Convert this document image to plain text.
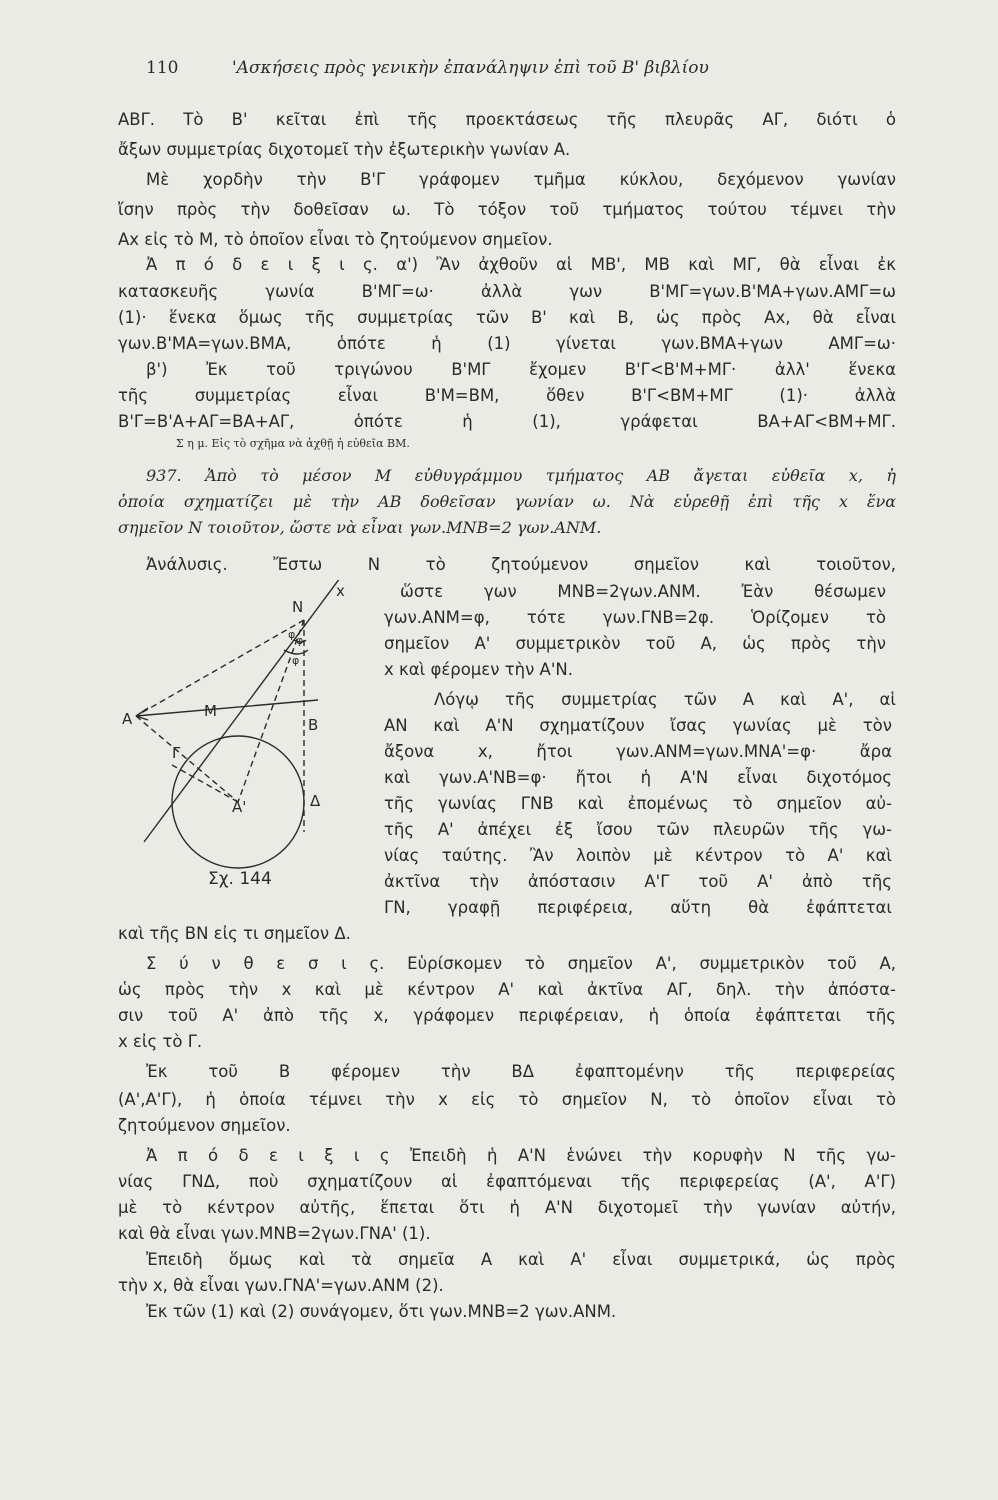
110	'Ασκήσεις πρὸς γενικὴν ἐπανάληψιν ἐπὶ τοῦ Β' βιβλίου
ΑΒΓ. Τὸ Β' κεῖται ἐπὶ τῆς προεκτάσεως τῆς πλευρᾶς ΑΓ, διότι ὁ
ἄξων συμμετρίας διχοτομεῖ τὴν ἐξωτερικὴν γωνίαν Α.
Μὲ χορδὴν τὴν Β'Γ γράφομεν τμῆμα κύκλου, δεχόμενον γωνίαν
ἴσην πρὸς τὴν δοθεῖσαν ω. Τὸ τόξον τοῦ τμήματος τούτου τέμνει τὴν
Αx εἰς τὸ Μ, τὸ ὁποῖον εἶναι τὸ ζητούμενον σημεῖον.
Ἀ π ό δ ε ι ξ ι ς. α') Ἂν ἀχθοῦν αἱ ΜΒ', ΜΒ καὶ ΜΓ, θὰ εἶναι ἐκ
κατασκευῆς γωνία Β'ΜΓ=ω· ἀλλὰ γων Β'ΜΓ=γων.Β'ΜΑ+γων.ΑΜΓ=ω
(1)· ἕνεκα ὅμως τῆς συμμετρίας τῶν Β' καὶ Β, ὡς πρὸς Αx, θὰ εἶναι
γων.Β'ΜΑ=γων.ΒΜΑ, ὁπότε ἡ (1) γίνεται γων.ΒΜΑ+γων ΑΜΓ=ω·
β') Ἐκ τοῦ τριγώνου Β'ΜΓ ἔχομεν Β'Γ<Β'Μ+ΜΓ· ἀλλ' ἕνεκα
τῆς συμμετρίας εἶναι Β'Μ=ΒΜ, ὅθεν Β'Γ<ΒΜ+ΜΓ (1)· ἀλλὰ
Β'Γ=Β'Α+ΑΓ=ΒΑ+ΑΓ, ὁπότε ἡ (1), γράφεται ΒΑ+ΑΓ<ΒΜ+ΜΓ.
Σ η μ. Εἰς τὸ σχῆμα νὰ ἀχθῇ ἡ εὐθεῖα ΒΜ.
937. Ἀπὸ τὸ μέσον Μ εὐθυγράμμου τμήματος ΑΒ ἄγεται εὐθεῖα x, ἡ
ὁποία σχηματίζει μὲ τὴν ΑΒ δοθεῖσαν γωνίαν ω. Νὰ εὑρεθῇ ἐπὶ τῆς x ἕνα
σημεῖον Ν τοιοῦτον, ὥστε νὰ εἶναι γων.ΜΝΒ=2 γων.ΑΝΜ.
Ἀνάλυσις. Ἔστω Ν τὸ ζητούμενον σημεῖον καὶ τοιοῦτον,
ὥστε γων ΜΝΒ=2γων.ΑΝΜ. Ἐὰν θέσωμεν
γων.ΑΝΜ=φ, τότε γων.ΓΝΒ=2φ. Ὁρίζομεν τὸ
σημεῖον Α' συμμετρικὸν τοῦ Α, ὡς πρὸς τὴν
x καὶ φέρομεν τὴν Α'Ν.
Λόγῳ τῆς συμμετρίας τῶν Α καὶ Α', αἱ
ΑΝ καὶ Α'Ν σχηματίζουν ἴσας γωνίας μὲ τὸν
ἄξονα x, ἤτοι γων.ΑΝΜ=γων.ΜΝΑ'=φ· ἄρα
καὶ γων.Α'ΝΒ=φ· ἤτοι ἡ Α'Ν εἶναι διχοτόμος
τῆς γωνίας ΓΝΒ καὶ ἐπομένως τὸ σημεῖον αὐ-
τῆς Α' ἀπέχει ἐξ ἴσου τῶν πλευρῶν τῆς γω-
νίας ταύτης. Ἂν λοιπὸν μὲ κέντρον τὸ Α' καὶ
ἀκτῖνα τὴν ἀπόστασιν Α'Γ τοῦ Α' ἀπὸ τῆς
ΓΝ, γραφῇ περιφέρεια, αὕτη θὰ ἐφάπτεται
καὶ τῆς ΒΝ εἰς τι σημεῖον Δ.
Σ ύ ν θ ε σ ι ς. Εὑρίσκομεν τὸ σημεῖον Α', συμμετρικὸν τοῦ Α,
ὡς πρὸς τὴν x καὶ μὲ κέντρον Α' καὶ ἀκτῖνα ΑΓ, δηλ. τὴν ἀπόστα-
σιν τοῦ Α' ἀπὸ τῆς x, γράφομεν περιφέρειαν, ἡ ὁποία ἐφάπτεται τῆς
x εἰς τὸ Γ.
Ἐκ τοῦ Β φέρομεν τὴν ΒΔ ἐφαπτομένην τῆς περιφερείας
(Α',Α'Γ), ἡ ὁποία τέμνει τὴν x εἰς τὸ σημεῖον Ν, τὸ ὁποῖον εἶναι τὸ
ζητούμενον σημεῖον.
Ἀ π ό δ ε ι ξ ι ς Ἐπειδὴ ἡ Α'Ν ἑνώνει τὴν κορυφὴν Ν τῆς γω-
νίας ΓΝΔ, ποὺ σχηματίζουν αἱ ἐφαπτόμεναι τῆς περιφερείας (Α', Α'Γ)
μὲ τὸ κέντρον αὐτῆς, ἕπεται ὅτι ἡ Α'Ν διχοτομεῖ τὴν γωνίαν αὐτήν,
καὶ θὰ εἶναι γων.ΜΝΒ=2γων.ΓΝΑ' (1).
Ἐπειδὴ ὅμως καὶ τὰ σημεῖα Α καὶ Α' εἶναι συμμετρικά, ὡς πρὸς
τὴν x, θὰ εἶναι γων.ΓΝΑ'=γων.ΑΝΜ (2).
Ἐκ τῶν (1) καὶ (2) συνάγομεν, ὅτι γων.ΜΝΒ=2 γων.ΑΝΜ.
x
N
A	M
B
Γ
A'	Δ
φ φ
φ
Σχ. 144
